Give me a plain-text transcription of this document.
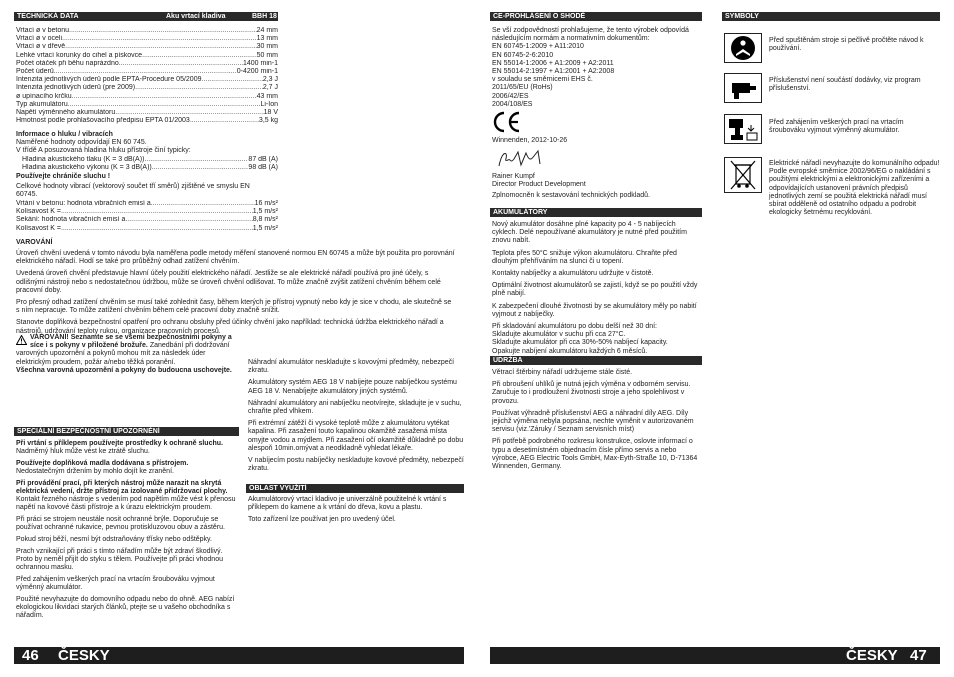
TECHNICKÁ DATA	Aku vrtací kladiva	BBH 18
Vrtací ø v betonu .....	24 mm
Vrtací ø v oceli .....	13 mm
Vrtací ø v dřevě .....	30 mm
Lehké vrtací korunky do cihel a pískovce .....	50 mm
Počet otáček při běhu naprázdno .....	1400 min-1
Počet úderů .....	0-4200 min-1
Intenzita jednotlivých úderů podle EPTA-Procedure 05/2009 .....	2,3 J
Intenzita jednotlivých úderů (pre 2009) .....	2,7 J
ø upínacího krčku .....	43 mm
Typ akumulátoru .....	Li-Ion
Napětí výměnného akumulátoru .....	18 V
Hmotnost podle prohlašovacího předpisu EPTA 01/2003 .....	3,5 kg
Informace o hluku / vibracích
Naměřené hodnoty odpovídají EN 60 745.
V třídě A posuzovaná hladina hluku přístroje činí typicky:
Hladina akustického tlaku (K = 3 dB(A)) .....	87 dB (A)
Hladina akustického výkonu (K = 3 dB(A)) .....	98 dB (A)
Používejte chrániče sluchu !
Celkové hodnoty vibrací (vektorový součet tří směrů) zjištěné ve smyslu EN 60745.
Vrtání v betonu: hodnota vibračních emisí a .....	16 m/s²
Kolísavost K = .....	1,5 m/s²
Sekání: hodnota vibračních emisí a .....	8,8 m/s²
Kolísavost K = .....	1,5 m/s²
VAROVÁNÍ
Úroveň chvění uvedená v tomto návodu byla naměřena podle metody měření stanovené normou EN 60745 a může být použita pro porovnání elektrického nářadí. Hodí se také pro průběžný odhad zatížení chvěním.
Uvedená úroveň chvění představuje hlavní účely použití elektrického nářadí. Jestliže se ale elektrické nářadí používá pro jiné účely, s odlišnými nástroji nebo s nedostatečnou údržbou, může se úroveň chvění odlišovat. To může značně zvýšit zatížení chvěním během celé pracovní doby.
Pro přesný odhad zatížení chvěním se musí také zohlednit časy, během kterých je přístroj vypnutý nebo kdy je sice v chodu, ale skutečně se s ním nepracuje. To může zatížení chvěním během celé pracovní doby značně snížit.
Stanovte doplňková bezpečnostní opatření pro ochranu obsluhy před účinky chvění jako například: technická údržba elektrického nářadí a nástrojů, udržování teploty rukou, organizace pracovních procesů.
VAROVÁNÍ! Seznamte se se všemi bezpečnostními pokyny a síce i s pokyny v přiložené brožuře. Zanedbání při dodržování varovných upozornění a pokynů mohou mít za následek úder elektrickým proudem, požár a/nebo těžká poranění.
Všechna varovná upozornění a pokyny do budoucna uschovejte.
SPECIÁLNÍ BEZPEČNOSTNÍ UPOZORNĚNÍ
Při vrtání s příklepem používejte prostředky k ochraně sluchu. Nadměrný hluk může vést ke ztrátě sluchu.
Používejte doplňková madla dodávana s přístrojem. Nedostatečným držením by mohlo dojít ke zranění.
Při provádění prací, při kterých nástroj může narazit na skrytá elektrická vedení, držte přístroj za izolované přidržovací plochy. Kontakt řezného nástroje s vedením pod napětím může vést k přenosu napětí na kovové části přístroje a k úrazu elektrickým proudem.
Při práci se strojem neustále nosit ochranné brýle. Doporučuje se používat ochranné rukavice, pevnou protiskluzovou obuv a zástěru.
Pokud stroj běží, nesmí být odstraňovány třísky nebo odštěpky.
Prach vznikající při práci s tímto nářadím může být zdraví škodlivý. Proto by neměl přijít do styku s tělem. Používejte při práci vhodnou ochrannou masku.
Před zahájením veškerých prací na vrtacím šroubováku vyjmout výměnný akumulátor.
Použité nevyhazujte do domovního odpadu nebo do ohně. AEG nabízí ekologickou likvidaci starých článků, ptejte se u vašeho obchodníka s nářadím.
Náhradní akumulátor neskladujte s kovovými předměty, nebezpečí zkratu.
Akumulátory systém AEG 18 V nabíjejte pouze nabíječkou systému AEG 18 V. Nenabíjejte akumulátory jiných systémů.
Náhradní akumulátory ani nabíječku neotvírejte, skladujte je v suchu, chraňte před vlhkem.
Při extrémní zátěží či vysoké teplotě může z akumulátoru vytékat kapalina. Při zasažení touto kapalinou okamžitě zasažená místa omyjte vodou a mýdlem. Při zasažení očí okamžitě důkladně po dobu alespoň 10min.omývat a neodkladně vyhledat lékaře.
V nabíjecím postu nabíječky neskladujte kovové předměty, nebezpečí zkratu.
OBLAST VYUŽITÍ
Akumulátorový vrtací kladivo je univerzálně použitelné k vrtání s příklepem do kamene a k vrtání do dřeva, kovu a plastu.
Toto zařízení lze používat jen pro uvedený účel.
46 ČESKY
CE-PROHLÁŠENÍ O SHODĚ
Se vší zodpovědností prohlašujeme, že tento výrobek odpovídá následujícím normám a normativním dokumentům:
EN 60745-1:2009 + A11:2010
EN 60745-2-6:2010
EN 55014-1:2006 + A1:2009 + A2:2011
EN 55014-2:1997 + A1:2001 + A2:2008
v souladu se směrnicemi EHS č.
2011/65/EU (RoHs)
2006/42/ES
2004/108/ES
Winnenden, 2012-10-26
Rainer Kumpf
Director Product Development
Zplnomocněn k sestavování technických podkladů.
AKUMULÁTORY
Nový akumulátor dosáhne plné kapacity po 4 - 5 nabíjecích cyklech. Delé nepoužívané akumulátory je nutné před použitím znovu nabít.
Teplota přes 50°C snižuje výkon akumulátoru. Chraňte před dlouhým přehříváním na slunci či u topení.
Kontakty nabíječky a akumulátoru udržujte v čistotě.
Optimální životnost akumulátorů se zajistí, když se po použití vždy plně nabijí.
K zabezpečení dlouhé životnosti by se akumulátory měly po nabití vyjmout z nabíječky.
Při skladování akumulátoru po dobu delší než 30 dní:
Skladujte akumulátor v suchu při cca 27°C.
Skladujte akumulátor při cca 30%-50% nabíjecí kapacity.
Opakujte nabíjení akumulátoru každých 6 měsíců.
ÚDRŽBA
Větrací štěrbiny nářadí udržujeme stále čisté.
Při obroušení uhlíků je nutná jejich výměna v odborném servisu. Zaručuje to i prodloužení životnosti stroje a jeho spolehlivost v provozu.
Používat výhradně příslušenství AEG a náhradní díly AEG. Díly jejichž výměna nebyla popsána, nechte vyměnit v autorizovaném servisu (viz.'Záruky / Seznam servisních míst)
Při potřebě podrobného rozkresu konstrukce, oslovte informací o typu a desetimístném objednacím čísle přímo servis a nebo výrobce, AEG Electric Tools GmbH, Max-Eyth-Straße 10, D-71364 Winnenden, Germany.
SYMBOLY
Před spuštěnám stroje si pečlivě pročtěte návod k používání.
Příslušenství není součástí dodávky, viz program příslušenství.
Před zahájením veškerých prací na vrtacím šroubováku vyjmout výměnný akumulátor.
Elektrické nářadí nevyhazujte do komunálního odpadu! Podle evropské směrnice 2002/96/EG o nakládání s použitými elektrickými a elektronickými zařízeními a odpovídajících ustanovení právních předpisů jednotlivých zemí se použitá elektrická nářadí musí sbírat odděleně od ostatního odpadu a podrobit ekologicky šetrnému recyklování.
ČESKY 47
